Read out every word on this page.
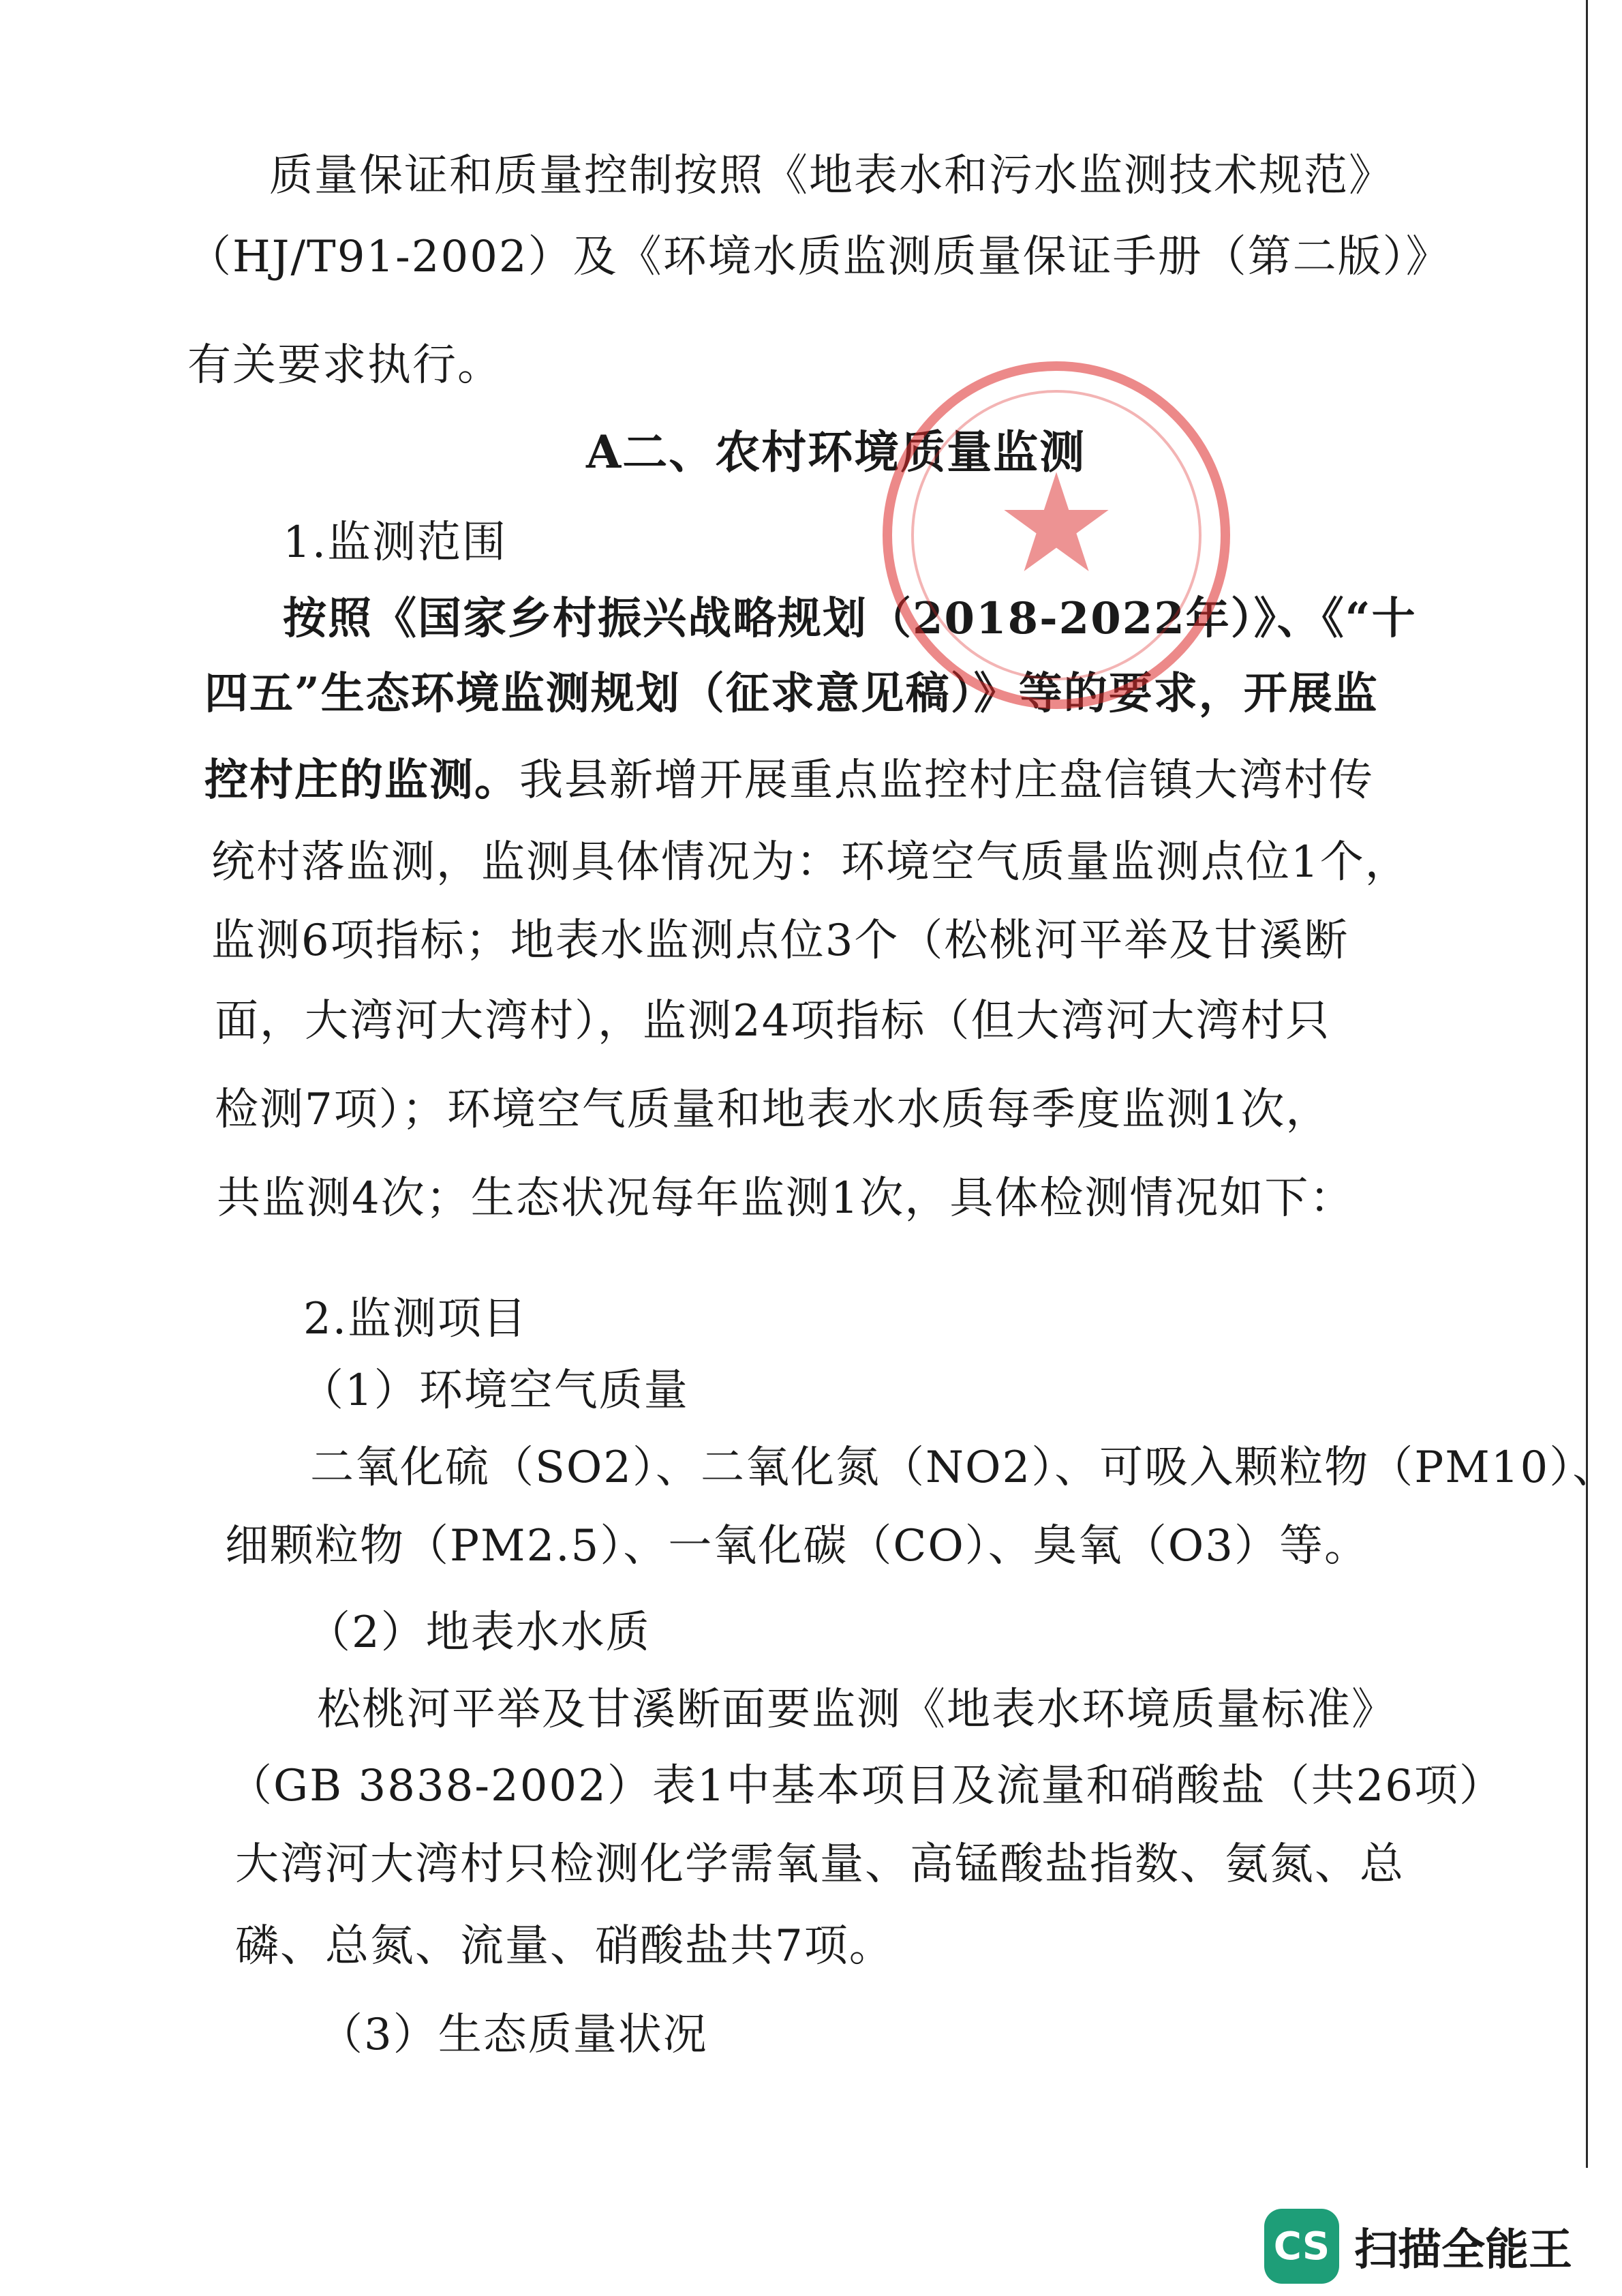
质量保证和质量控制按照《地表水和污水监测技术规范》
（HJ/T91-2002）及《环境水质监测质量保证手册（第二版）》
有关要求执行。
A二、农村环境质量监测
1.监测范围
按照《国家乡村振兴战略规划（2018-2022年）》、《“十
四五”生态环境监测规划（征求意见稿）》等的要求，开展监
控村庄的监测。我县新增开展重点监控村庄盘信镇大湾村传
统村落监测，监测具体情况为：环境空气质量监测点位1个，
监测6项指标；地表水监测点位3个（松桃河平举及甘溪断
面，大湾河大湾村），监测24项指标（但大湾河大湾村只
检测7项）；环境空气质量和地表水水质每季度监测1次，
共监测4次；生态状况每年监测1次，具体检测情况如下：
2.监测项目
（1）环境空气质量
二氧化硫（SO2）、二氧化氮（NO2）、可吸入颗粒物（PM10）、
细颗粒物（PM2.5）、一氧化碳（CO）、臭氧（O3）等。
（2）地表水水质
松桃河平举及甘溪断面要监测《地表水环境质量标准》
（GB 3838-2002）表1中基本项目及流量和硝酸盐（共26项）
大湾河大湾村只检测化学需氧量、高锰酸盐指数、氨氮、总
磷、总氮、流量、硝酸盐共7项。
（3）生态质量状况
★
CS 扫描全能王
